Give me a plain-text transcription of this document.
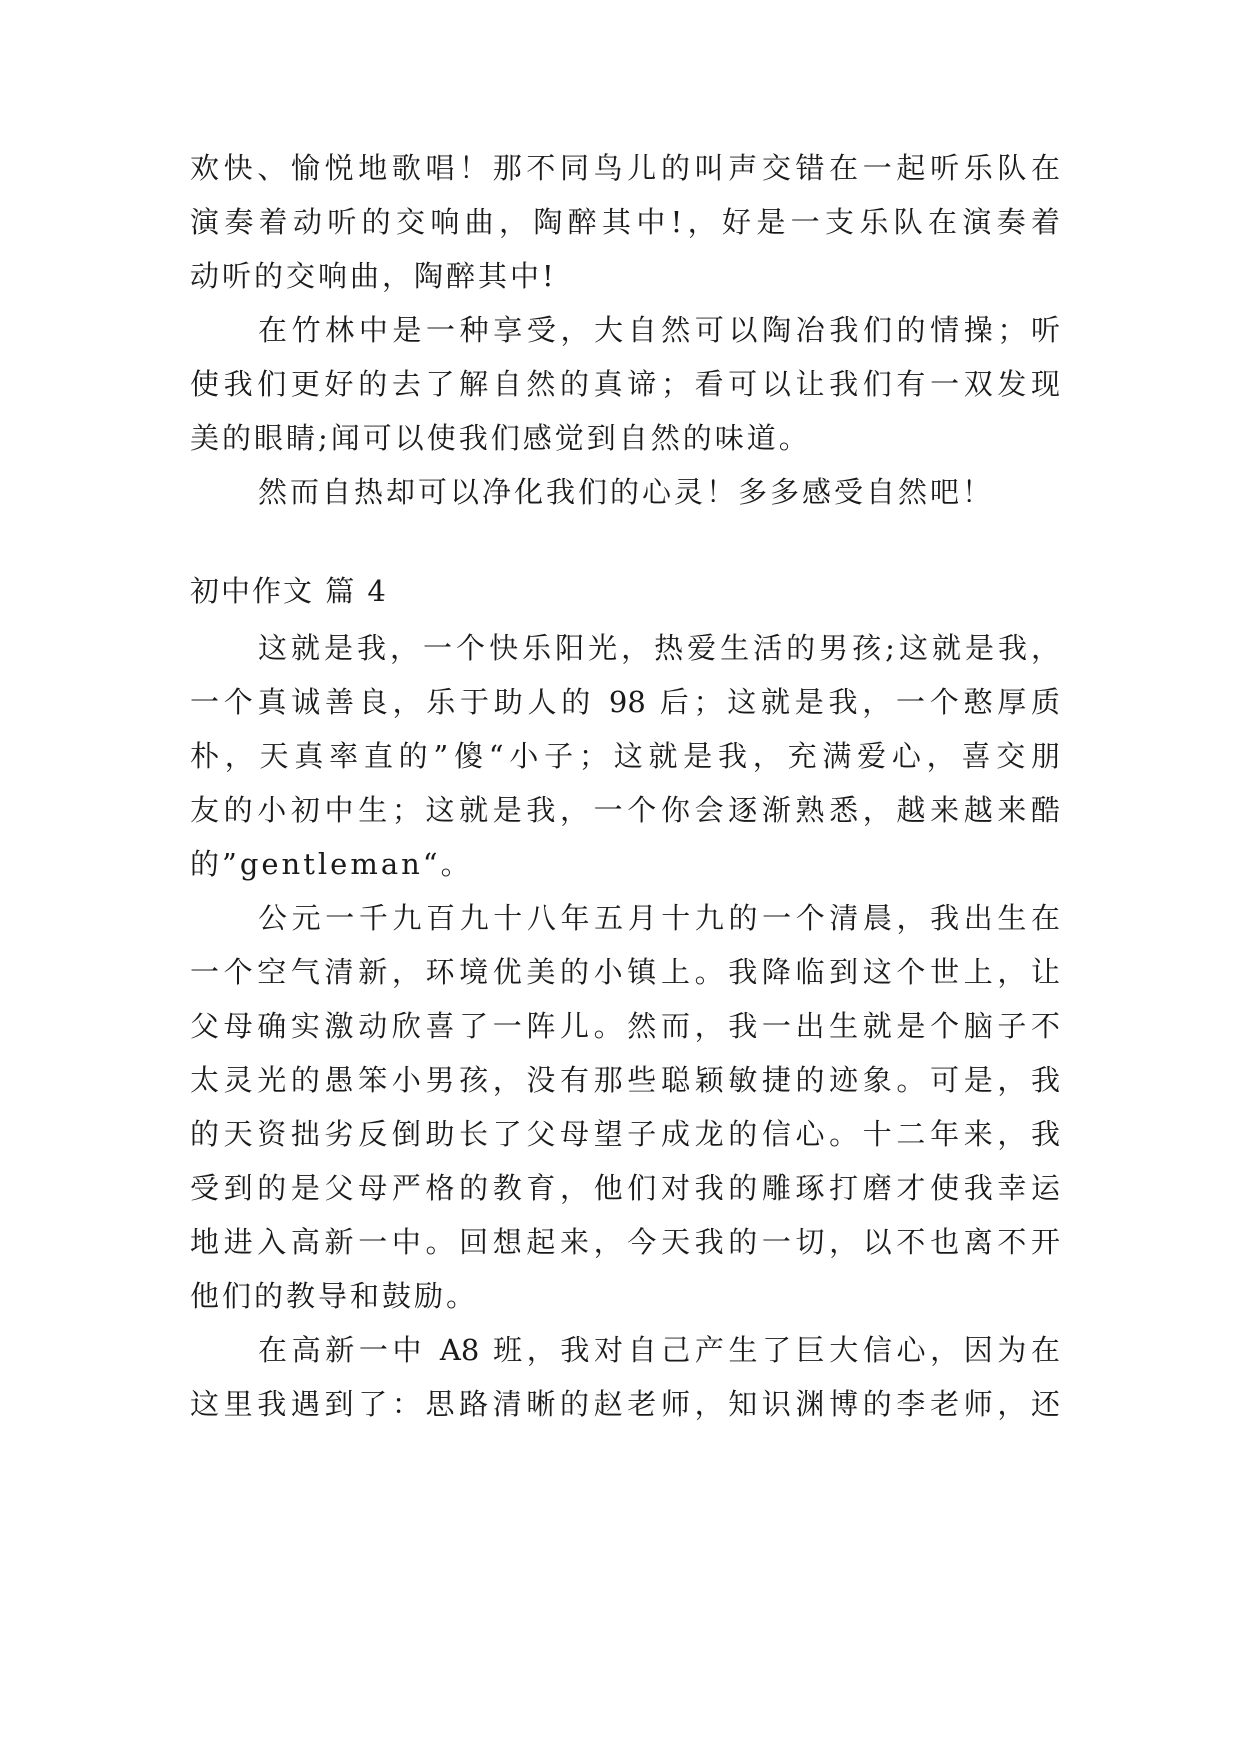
欢快、愉悦地歌唱！那不同鸟儿的叫声交错在一起听乐队在
演奏着动听的交响曲，陶醉其中!，好是一支乐队在演奏着
动听的交响曲，陶醉其中!
在竹林中是一种享受，大自然可以陶冶我们的情操；听
使我们更好的去了解自然的真谛；看可以让我们有一双发现
美的眼睛;闻可以使我们感觉到自然的味道。
然而自热却可以净化我们的心灵！多多感受自然吧！
初中作文 篇 4
这就是我，一个快乐阳光，热爱生活的男孩;这就是我，
一个真诚善良，乐于助人的 98 后；这就是我，一个憨厚质
朴，天真率直的”傻“小子；这就是我，充满爱心，喜交朋
友的小初中生；这就是我，一个你会逐渐熟悉，越来越来酷
的”gentleman“。
公元一千九百九十八年五月十九的一个清晨，我出生在
一个空气清新，环境优美的小镇上。我降临到这个世上，让
父母确实激动欣喜了一阵儿。然而，我一出生就是个脑子不
太灵光的愚笨小男孩，没有那些聪颖敏捷的迹象。可是，我
的天资拙劣反倒助长了父母望子成龙的信心。十二年来，我
受到的是父母严格的教育，他们对我的雕琢打磨才使我幸运
地进入高新一中。回想起来，今天我的一切，以不也离不开
他们的教导和鼓励。
在高新一中 A8 班，我对自己产生了巨大信心，因为在
这里我遇到了：思路清晰的赵老师，知识渊博的李老师，还
